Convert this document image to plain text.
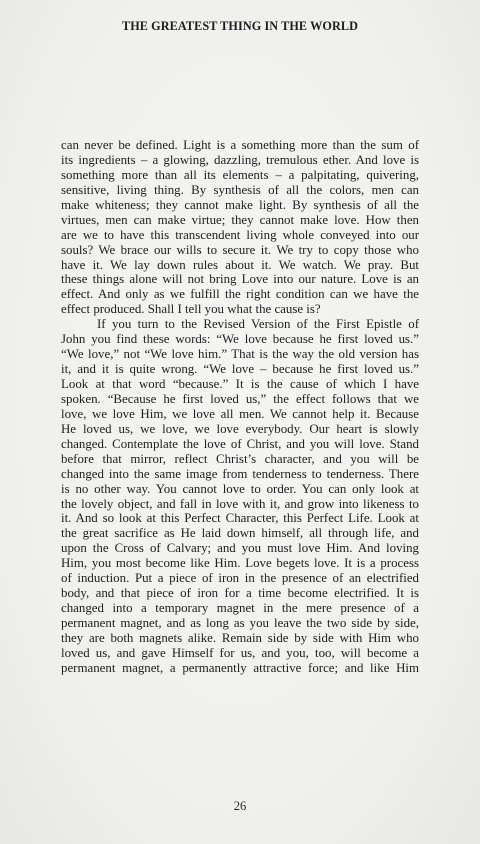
THE GREATEST THING IN THE WORLD
can never be defined. Light is a something more than the sum of
its ingredients – a glowing, dazzling, tremulous ether. And love is
something more than all its elements – a palpitating, quivering,
sensitive, living thing. By synthesis of all the colors, men can
make whiteness; they cannot make light. By synthesis of all the
virtues, men can make virtue; they cannot make love. How then
are we to have this transcendent living whole conveyed into our
souls? We brace our wills to secure it. We try to copy those who
have it. We lay down rules about it. We watch. We pray. But
these things alone will not bring Love into our nature. Love is an
effect. And only as we fulfill the right condition can we have the
effect produced. Shall I tell you what the cause is?
If you turn to the Revised Version of the First Epistle of
John you find these words: “We love because he first loved us.”
“We love,” not “We love him.” That is the way the old version has
it, and it is quite wrong. “We love – because he first loved us.”
Look at that word “because.” It is the cause of which I have
spoken. “Because he first loved us,” the effect follows that we
love, we love Him, we love all men. We cannot help it. Because
He loved us, we love, we love everybody. Our heart is slowly
changed. Contemplate the love of Christ, and you will love. Stand
before that mirror, reflect Christ’s character, and you will be
changed into the same image from tenderness to tenderness. There
is no other way. You cannot love to order. You can only look at
the lovely object, and fall in love with it, and grow into likeness to
it. And so look at this Perfect Character, this Perfect Life. Look at
the great sacrifice as He laid down himself, all through life, and
upon the Cross of Calvary; and you must love Him. And loving
Him, you most become like Him. Love begets love. It is a process
of induction. Put a piece of iron in the presence of an electrified
body, and that piece of iron for a time become electrified. It is
changed into a temporary magnet in the mere presence of a
permanent magnet, and as long as you leave the two side by side,
they are both magnets alike. Remain side by side with Him who
loved us, and gave Himself for us, and you, too, will become a
permanent magnet, a permanently attractive force; and like Him
26
